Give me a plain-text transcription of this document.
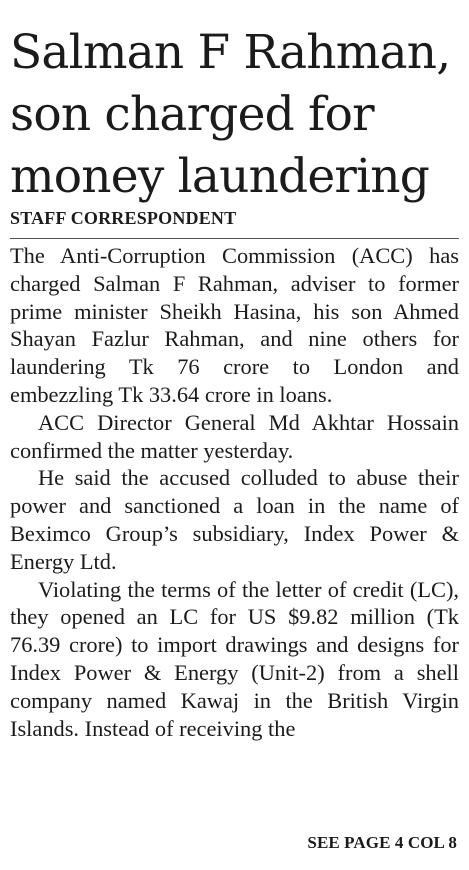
Salman F Rahman,
son charged for
money laundering
STAFF CORRESPONDENT

The Anti-Corruption Commission (ACC) has charged Salman F Rahman, adviser to former prime minister Sheikh Hasina, his son Ahmed Shayan Fazlur Rahman, and nine others for laundering Tk 76 crore to London and embezzling Tk 33.64 crore in loans.

ACC Director General Md Akhtar Hossain confirmed the matter yesterday.

He said the accused colluded to abuse their power and sanctioned a loan in the name of Beximco Group’s subsidiary, Index Power & Energy Ltd.

Violating the terms of the letter of credit (LC), they opened an LC for US $9.82 million (Tk 76.39 crore) to import drawings and designs for Index Power & Energy (Unit-2) from a shell company named Kawaj in the British Virgin Islands. Instead of receiving the

SEE PAGE 4 COL 8
